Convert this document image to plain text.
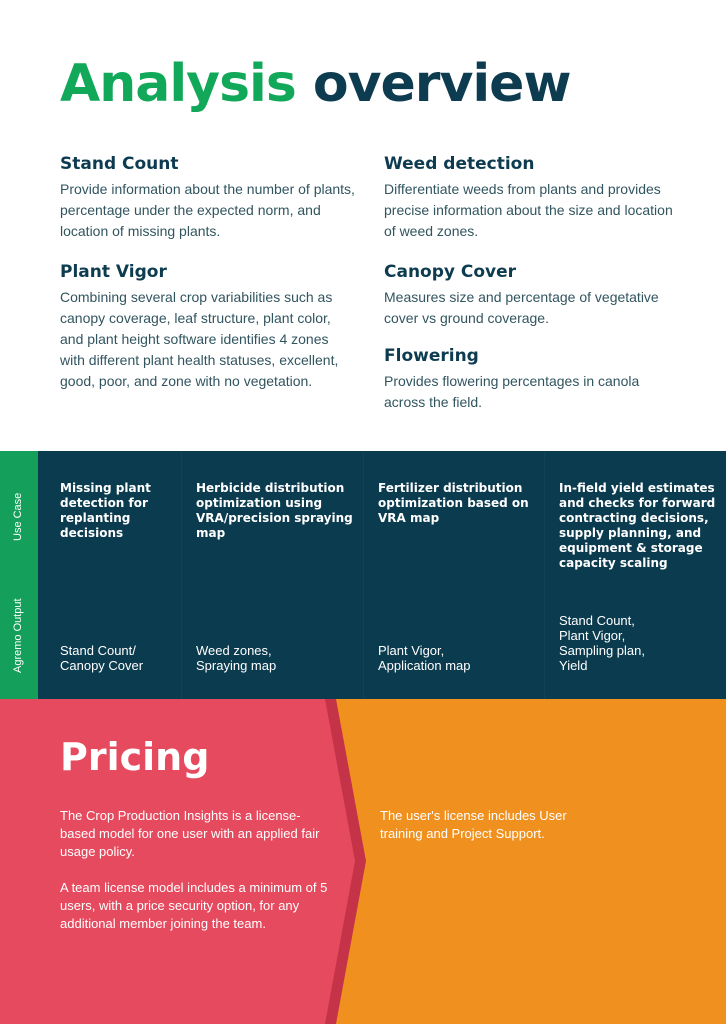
Analysis overview
Stand Count

Provide information about the number of plants, percentage under the expected norm, and location of missing plants.

Weed detection

Differentiate weeds from plants and provides precise information about the size and location of weed zones.

Plant Vigor

Combining several crop variabilities such as canopy coverage, leaf structure, plant color, and plant height software identifies 4 zones with different plant health statuses, excellent, good, poor, and zone with no vegetation.

Canopy Cover

Measures size and percentage of vegetative cover vs ground coverage.

Flowering

Provides flowering percentages in canola across the field.

Use Case
Agremo Output

Missing plant detection for replanting decisions

Stand Count/
Canopy Cover

Herbicide distribution optimization using VRA/precision spraying map

Weed zones,
Spraying map

Fertilizer distribution optimization based on VRA map

Plant Vigor,
Application map

In-field yield estimates and checks for forward contracting decisions, supply planning, and equipment & storage capacity scaling

Stand Count,
Plant Vigor,
Sampling plan,
Yield

Pricing

The Crop Production Insights is a license-based model for one user with an applied fair usage policy.

A team license model includes a minimum of 5 users, with a price security option, for any additional member joining the team.

The user's license includes User training and Project Support.
